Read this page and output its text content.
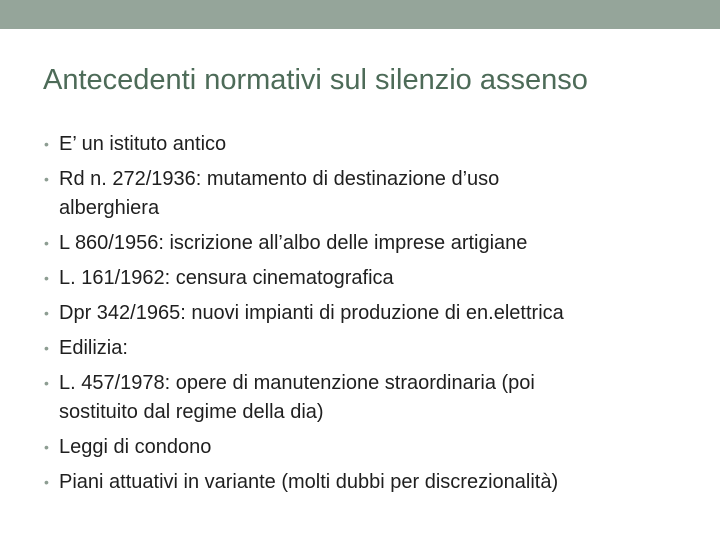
Antecedenti normativi sul silenzio assenso
• E’ un istituto antico
• Rd n. 272/1936: mutamento di destinazione d’uso
alberghiera
• L 860/1956: iscrizione all’albo delle imprese artigiane
• L. 161/1962: censura cinematografica
• Dpr 342/1965: nuovi impianti di produzione di en.elettrica
• Edilizia:
• L. 457/1978: opere di manutenzione straordinaria (poi
sostituito dal regime della dia)
• Leggi di condono
• Piani attuativi in variante (molti dubbi per discrezionalità)
